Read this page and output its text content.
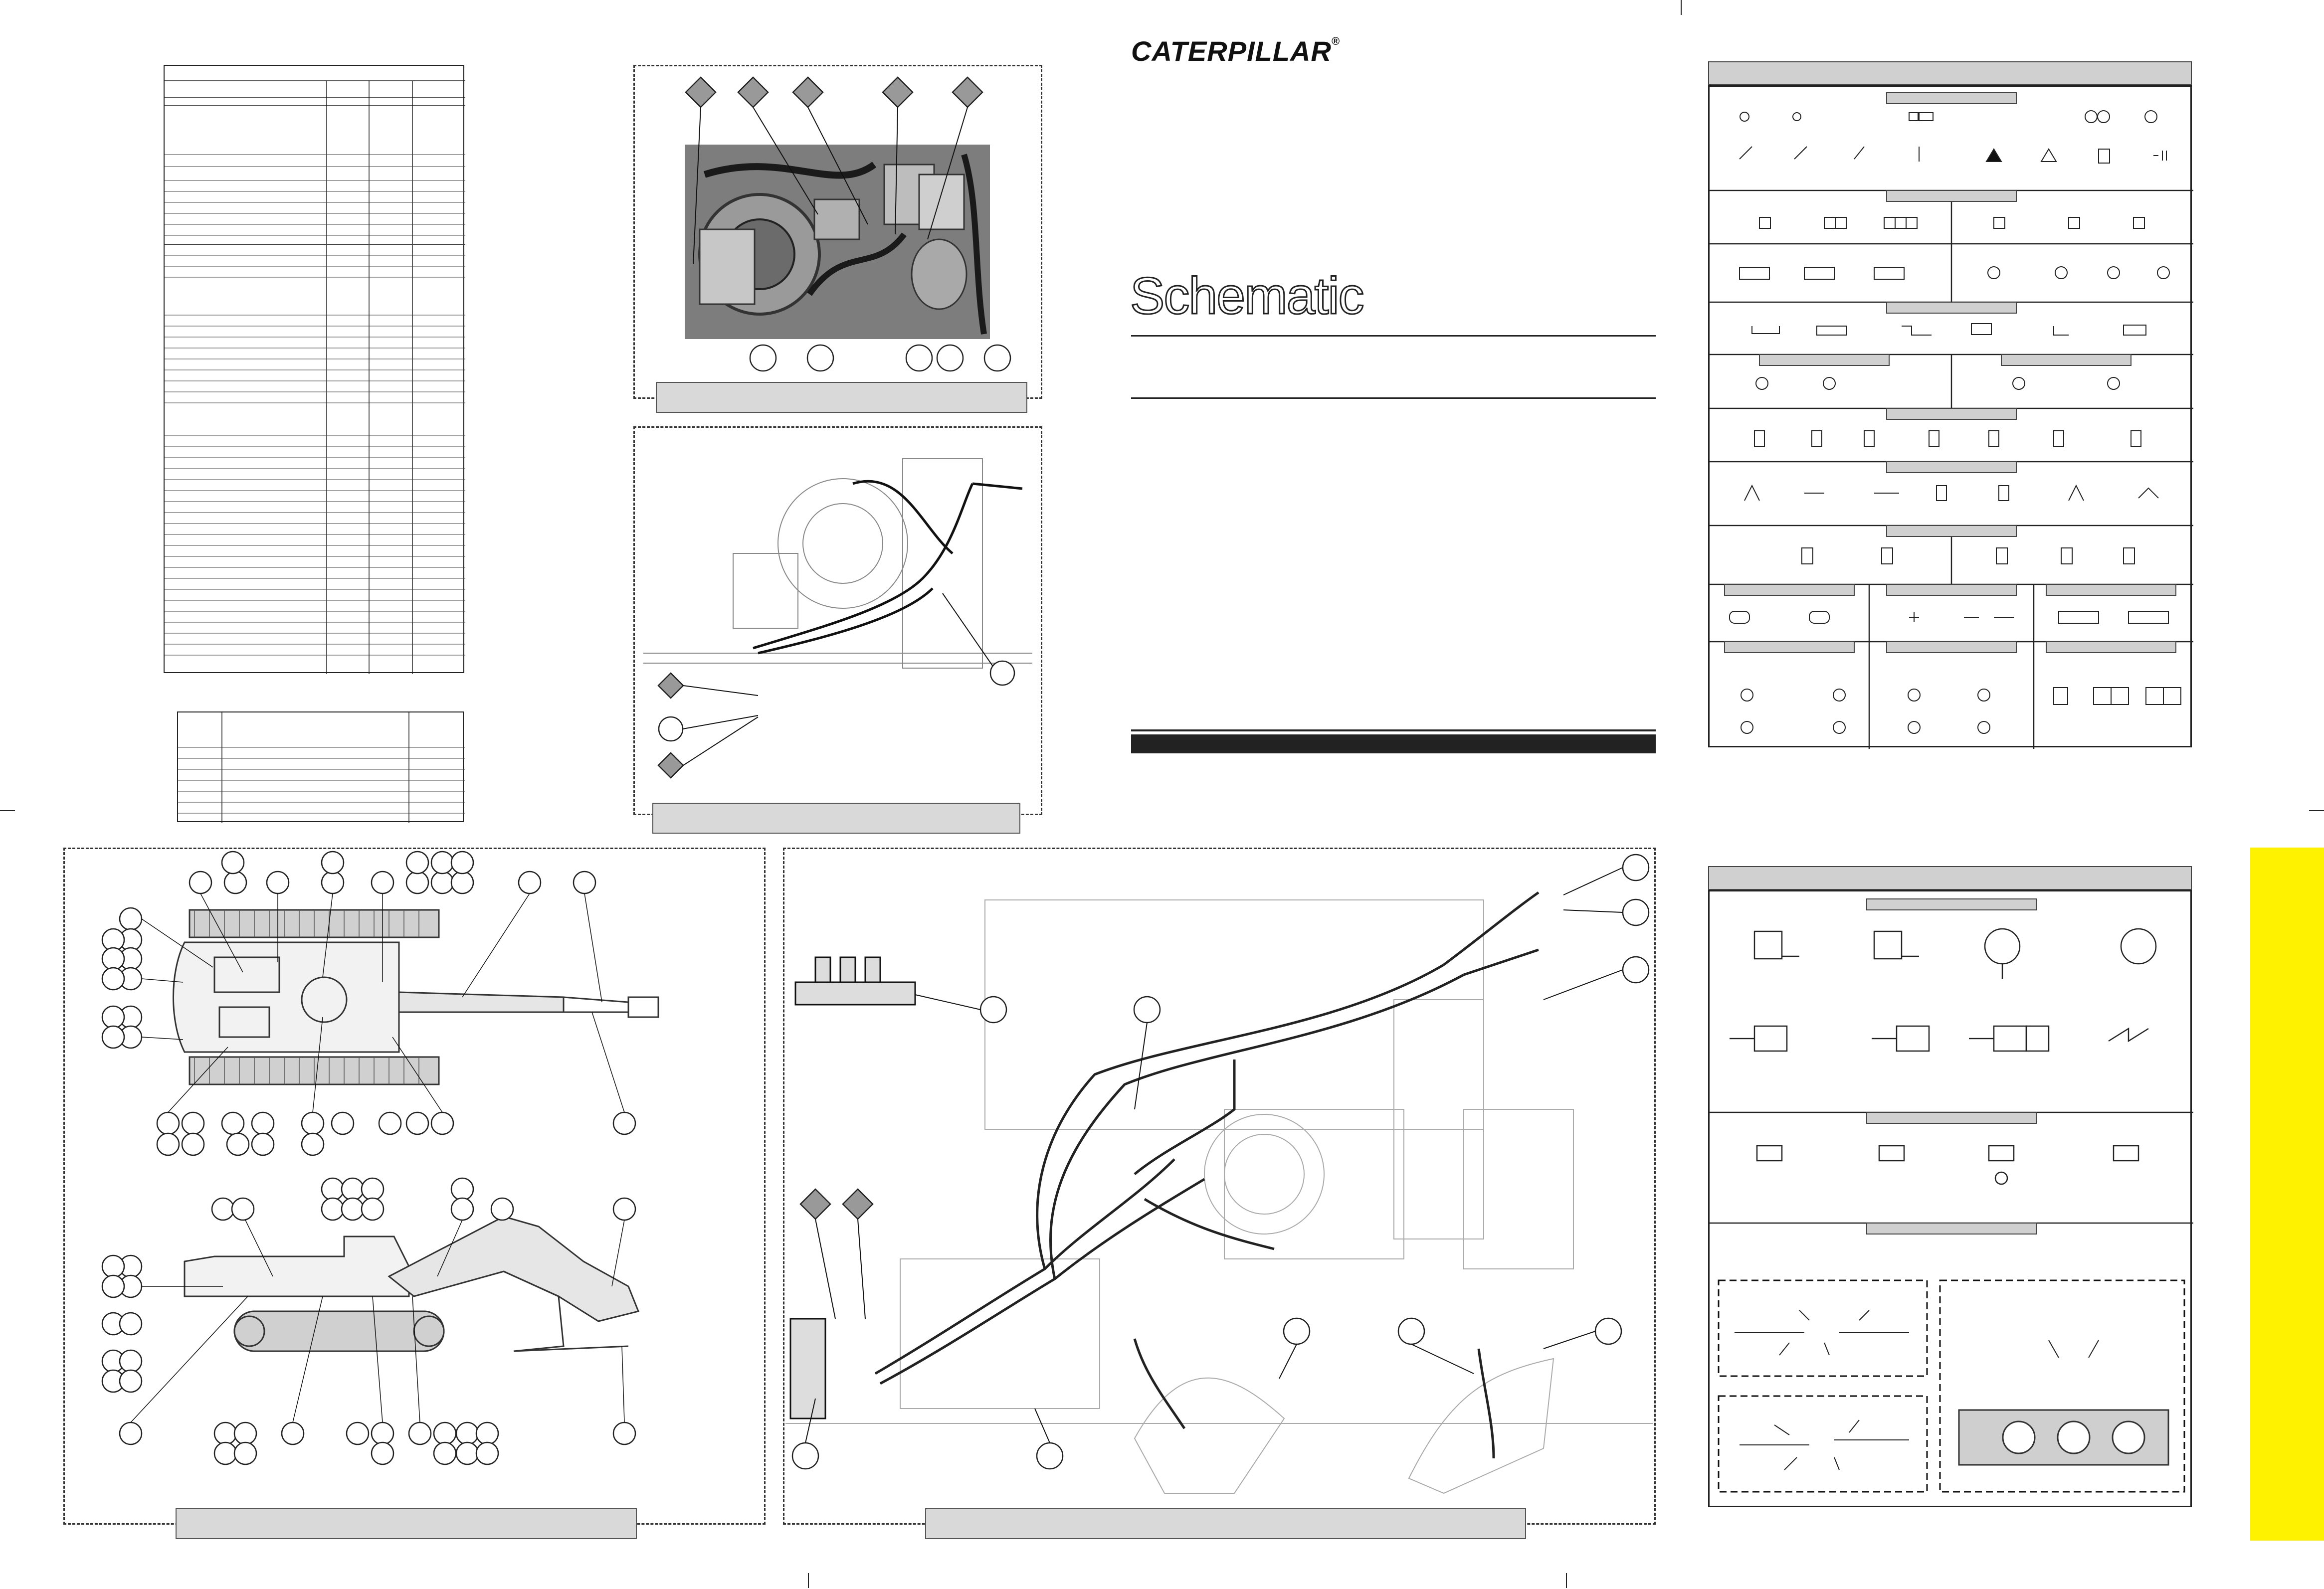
CATERPILLAR®
Schematic
